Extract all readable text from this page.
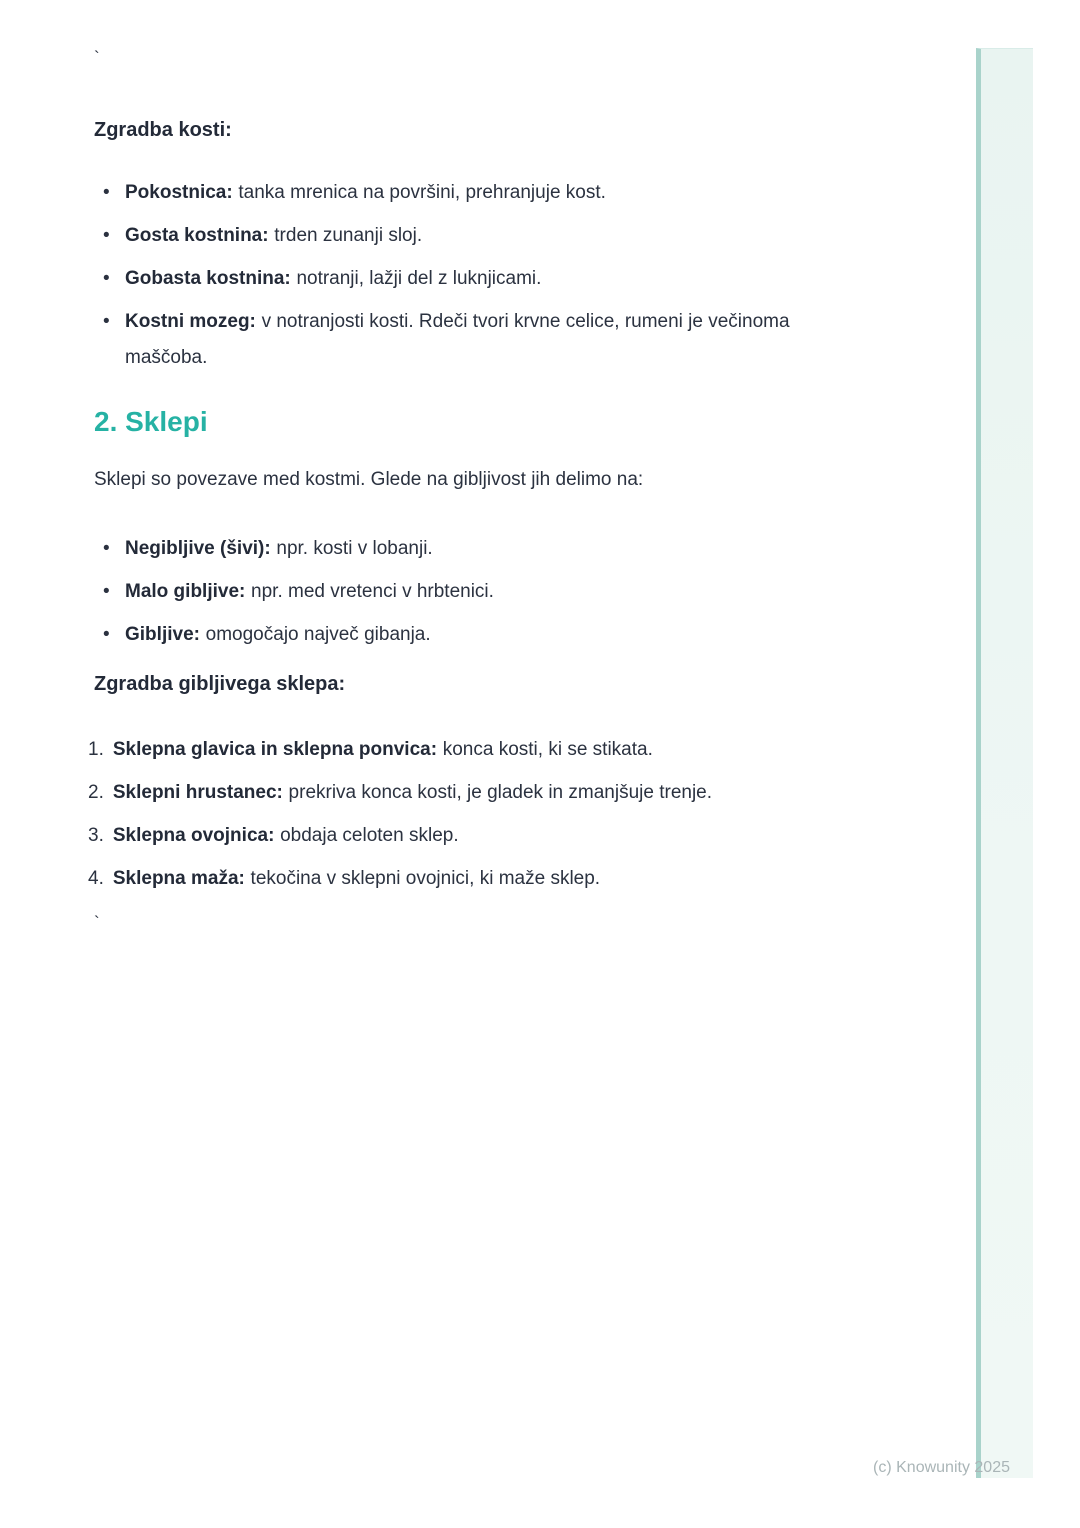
`
Zgradba kosti:
• Pokostnica: tanka mrenica na površini, prehranjuje kost.
• Gosta kostnina: trden zunanji sloj.
• Gobasta kostnina: notranji, lažji del z luknjicami.
• Kostni mozeg: v notranjosti kosti. Rdeči tvori krvne celice, rumeni je večinoma maščoba.
2. Sklepi

Sklepi so povezave med kostmi. Glede na gibljivost jih delimo na:

• Negibljive (šivi): npr. kosti v lobanji.
• Malo gibljive: npr. med vretenci v hrbtenici.
• Gibljive: omogočajo največ gibanja.
Zgradba gibljivega sklepa:
1. Sklepna glavica in sklepna ponvica: konca kosti, ki se stikata.
2. Sklepni hrustanec: prekriva konca kosti, je gladek in zmanjšuje trenje.
3. Sklepna ovojnica: obdaja celoten sklep.
4. Sklepna maža: tekočina v sklepni ovojnici, ki maže sklep.
`
(c) Knowunity 2025
